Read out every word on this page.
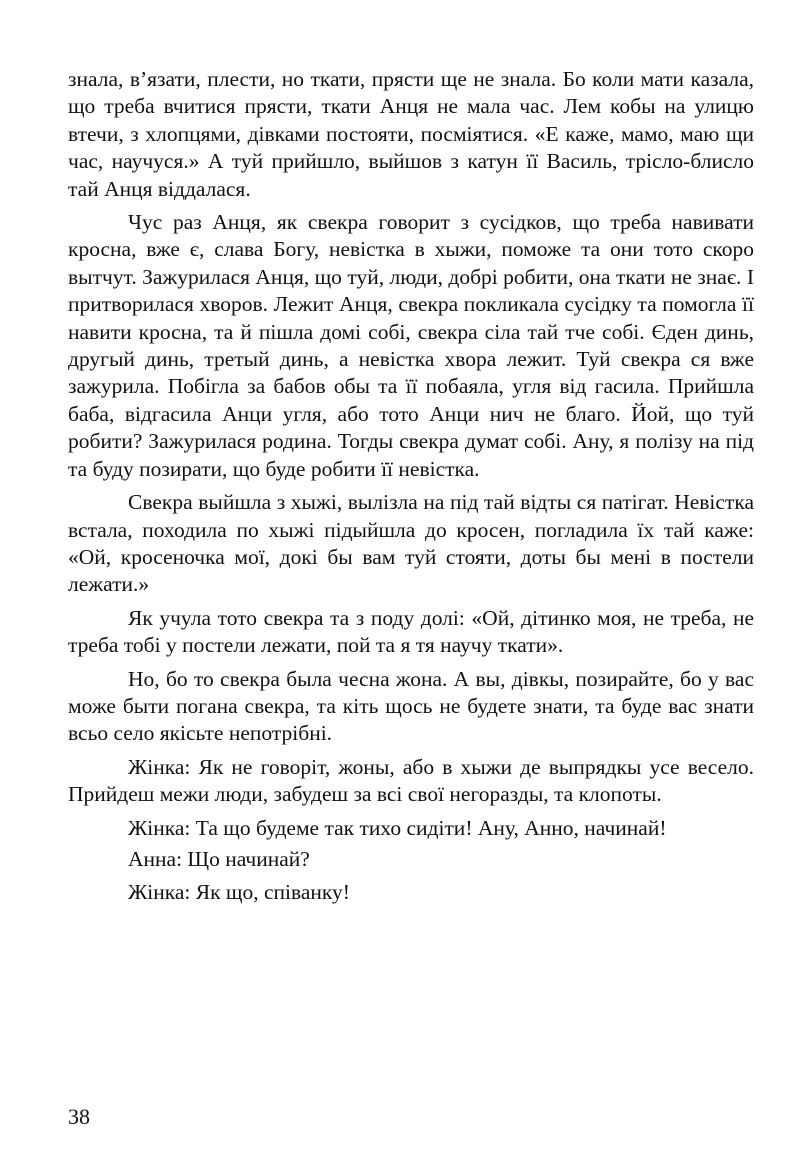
знала, в’язати, плести, но ткати, прясти ще не знала. Бо коли мати казала, що треба вчитися прясти, ткати Анця не мала час. Лем кобы на улицю втечи, з хлопцями, дівками постояти, посміятися. «Е каже, мамо, маю щи час, научуся.» А туй прийшло, выйшов з катун її Василь, трісло-блисло тай Анця віддалася.

Чус раз Анця, як свекра говорит з сусідков, що треба навивати кросна, вже є, слава Богу, невістка в хыжи, поможе та они тото скоро вытчут. Зажурилася Анця, що туй, люди, добрі робити, она ткати не знає. І притворилася хворов. Лежит Анця, свекра покликала сусідку та помогла її навити кросна, та й пішла домі собі, свекра сіла тай тче собі. Єден динь, другый динь, третый динь, а невістка хвора лежит. Туй свекра ся вже зажурила. Побігла за бабов обы та її побаяла, угля від гасила. Прийшла баба, відгасила Анци угля, або тото Анци нич не благо. Йой, що туй робити? Зажурилася родина. Тогды свекра думат собі. Ану, я полізу на під та буду позирати, що буде робити її невістка.

Свекра выйшла з хыжі, вылізла на під тай відты ся патігат. Невістка встала, походила по хыжі підыйшла до кросен, погладила їх тай каже: «Ой, кросеночка мої, докі бы вам туй стояти, доты бы мені в постели лежати.»

Як учула тото свекра та з поду долі: «Ой, дітинко моя, не треба, не треба тобі у постели лежати, пой та я тя научу ткати».

Но, бо то свекра была чесна жона. А вы, дівкы, позирайте, бо у вас може быти погана свекра, та кіть щось не будете знати, та буде вас знати всьо село якісьте непотрібні.

Жінка: Як не говоріт, жоны, або в хыжи де выпрядкы усе весело. Прийдеш межи люди, забудеш за всі свої негоразды, та клопоты.

Жінка: Та що будеме так тихо сидіти! Ану, Анно, начинай!

Анна: Що начинай?

Жінка: Як що, співанку!

38
